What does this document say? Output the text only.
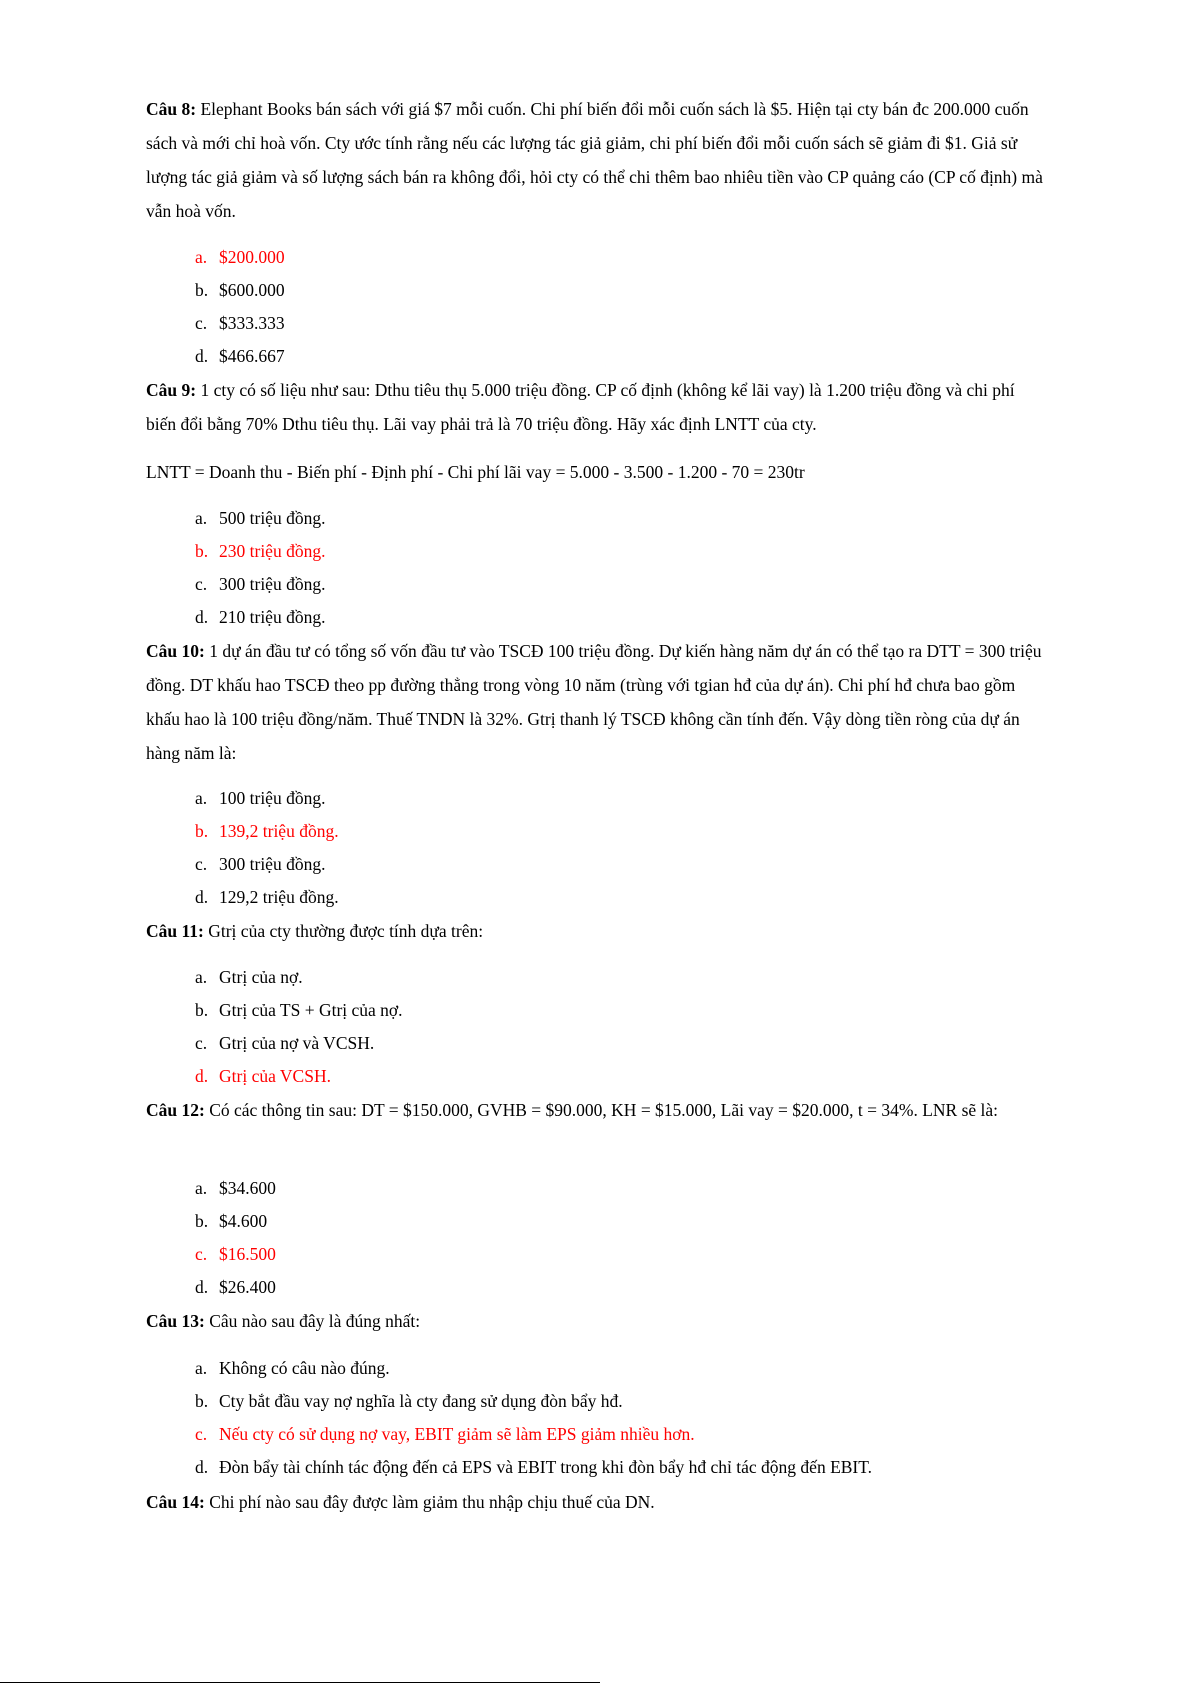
Câu 8: Elephant Books bán sách với giá $7 mỗi cuốn. Chi phí biến đổi mỗi cuốn sách là $5. Hiện tại cty bán đc 200.000 cuốn sách và mới chỉ hoà vốn. Cty ước tính rằng nếu các lượng tác giả giảm, chi phí biến đổi mỗi cuốn sách sẽ giảm đi $1. Giả sử lượng tác giả giảm và số lượng sách bán ra không đổi, hỏi cty có thể chi thêm bao nhiêu tiền vào CP quảng cáo (CP cố định) mà vẫn hoà vốn.

a. $200.000
b. $600.000
c. $333.333
d. $466.667

Câu 9: 1 cty có số liệu như sau: Dthu tiêu thụ 5.000 triệu đồng. CP cố định (không kể lãi vay) là 1.200 triệu đồng và chi phí biến đổi bằng 70% Dthu tiêu thụ. Lãi vay phải trả là 70 triệu đồng. Hãy xác định LNTT của cty.

LNTT = Doanh thu - Biến phí - Định phí - Chi phí lãi vay = 5.000 - 3.500 - 1.200 - 70 = 230tr

a. 500 triệu đồng.
b. 230 triệu đồng.
c. 300 triệu đồng.
d. 210 triệu đồng.

Câu 10: 1 dự án đầu tư có tổng số vốn đầu tư vào TSCĐ 100 triệu đồng. Dự kiến hàng năm dự án có thể tạo ra DTT = 300 triệu đồng. DT khấu hao TSCĐ theo pp đường thẳng trong vòng 10 năm (trùng với tgian hđ của dự án). Chi phí hđ chưa bao gồm khấu hao là 100 triệu đồng/năm. Thuế TNDN là 32%. Gtrị thanh lý TSCĐ không cần tính đến. Vậy dòng tiền ròng của dự án hàng năm là:

a. 100 triệu đồng.
b. 139,2 triệu đồng.
c. 300 triệu đồng.
d. 129,2 triệu đồng.

Câu 11: Gtrị của cty thường được tính dựa trên:

a. Gtrị của nợ.
b. Gtrị của TS + Gtrị của nợ.
c. Gtrị của nợ và VCSH.
d. Gtrị của VCSH.

Câu 12: Có các thông tin sau: DT = $150.000, GVHB = $90.000, KH = $15.000, Lãi vay = $20.000, t = 34%. LNR sẽ là:

a. $34.600
b. $4.600
c. $16.500
d. $26.400

Câu 13: Câu nào sau đây là đúng nhất:

a. Không có câu nào đúng.
b. Cty bắt đầu vay nợ nghĩa là cty đang sử dụng đòn bẩy hđ.
c. Nếu cty có sử dụng nợ vay, EBIT giảm sẽ làm EPS giảm nhiều hơn.
d. Đòn bẩy tài chính tác động đến cả EPS và EBIT trong khi đòn bẩy hđ chỉ tác động đến EBIT.

Câu 14: Chi phí nào sau đây được làm giảm thu nhập chịu thuế của DN.
